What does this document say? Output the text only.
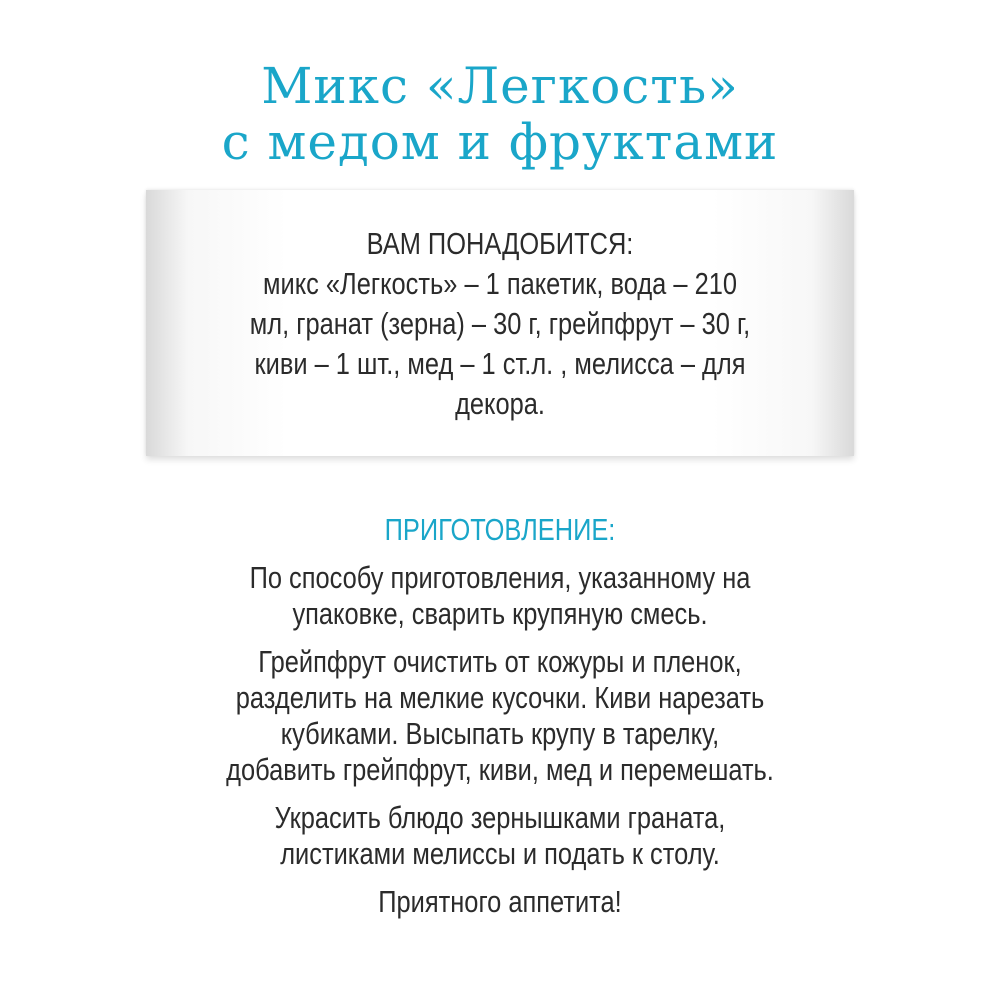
Микс «Легкость»
с медом и фруктами
ВАМ ПОНАДОБИТСЯ:
микс «Легкость» – 1 пакетик, вода – 210
мл, гранат (зерна) – 30 г, грейпфрут – 30 г,
киви – 1 шт., мед – 1 ст.л. , мелисса – для
декора.
ПРИГОТОВЛЕНИЕ:

По способу приготовления, указанному на
упаковке, сварить крупяную смесь.

Грейпфрут очистить от кожуры и пленок,
разделить на мелкие кусочки. Киви нарезать
кубиками. Высыпать крупу в тарелку,
добавить грейпфрут, киви, мед и перемешать.

Украсить блюдо зернышками граната,
листиками мелиссы и подать к столу.

Приятного аппетита!
